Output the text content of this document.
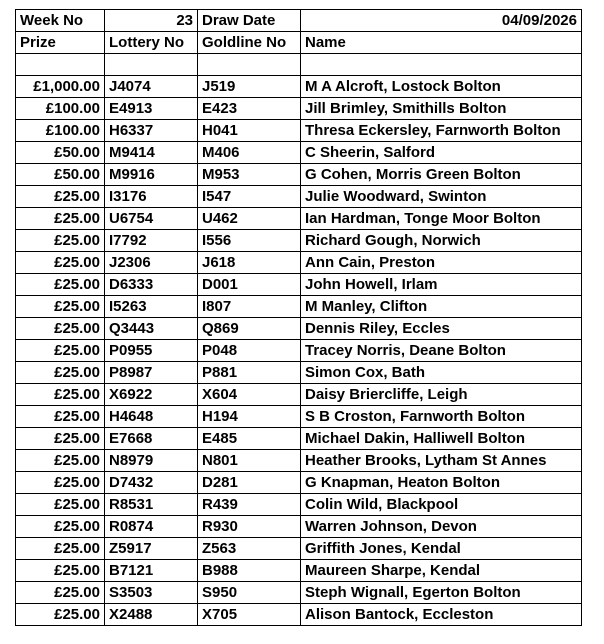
Week No	23	Draw Date	04/09/2026
Prize	Lottery No	Goldline No	Name

£1,000.00	J4074	J519	M A Alcroft, Lostock Bolton
£100.00	E4913	E423	Jill Brimley, Smithills Bolton
£100.00	H6337	H041	Thresa Eckersley, Farnworth Bolton
£50.00	M9414	M406	C Sheerin, Salford
£50.00	M9916	M953	G Cohen, Morris Green Bolton
£25.00	I3176	I547	Julie Woodward, Swinton
£25.00	U6754	U462	Ian Hardman, Tonge Moor Bolton
£25.00	I7792	I556	Richard Gough, Norwich
£25.00	J2306	J618	Ann Cain, Preston
£25.00	D6333	D001	John Howell, Irlam
£25.00	I5263	I807	M Manley, Clifton
£25.00	Q3443	Q869	Dennis Riley, Eccles
£25.00	P0955	P048	Tracey Norris, Deane Bolton
£25.00	P8987	P881	Simon Cox, Bath
£25.00	X6922	X604	Daisy Briercliffe, Leigh
£25.00	H4648	H194	S B Croston, Farnworth Bolton
£25.00	E7668	E485	Michael Dakin, Halliwell Bolton
£25.00	N8979	N801	Heather Brooks, Lytham St Annes
£25.00	D7432	D281	G Knapman, Heaton Bolton
£25.00	R8531	R439	Colin Wild, Blackpool
£25.00	R0874	R930	Warren Johnson, Devon
£25.00	Z5917	Z563	Griffith Jones, Kendal
£25.00	B7121	B988	Maureen Sharpe, Kendal
£25.00	S3503	S950	Steph Wignall, Egerton Bolton
£25.00	X2488	X705	Alison Bantock, Eccleston
